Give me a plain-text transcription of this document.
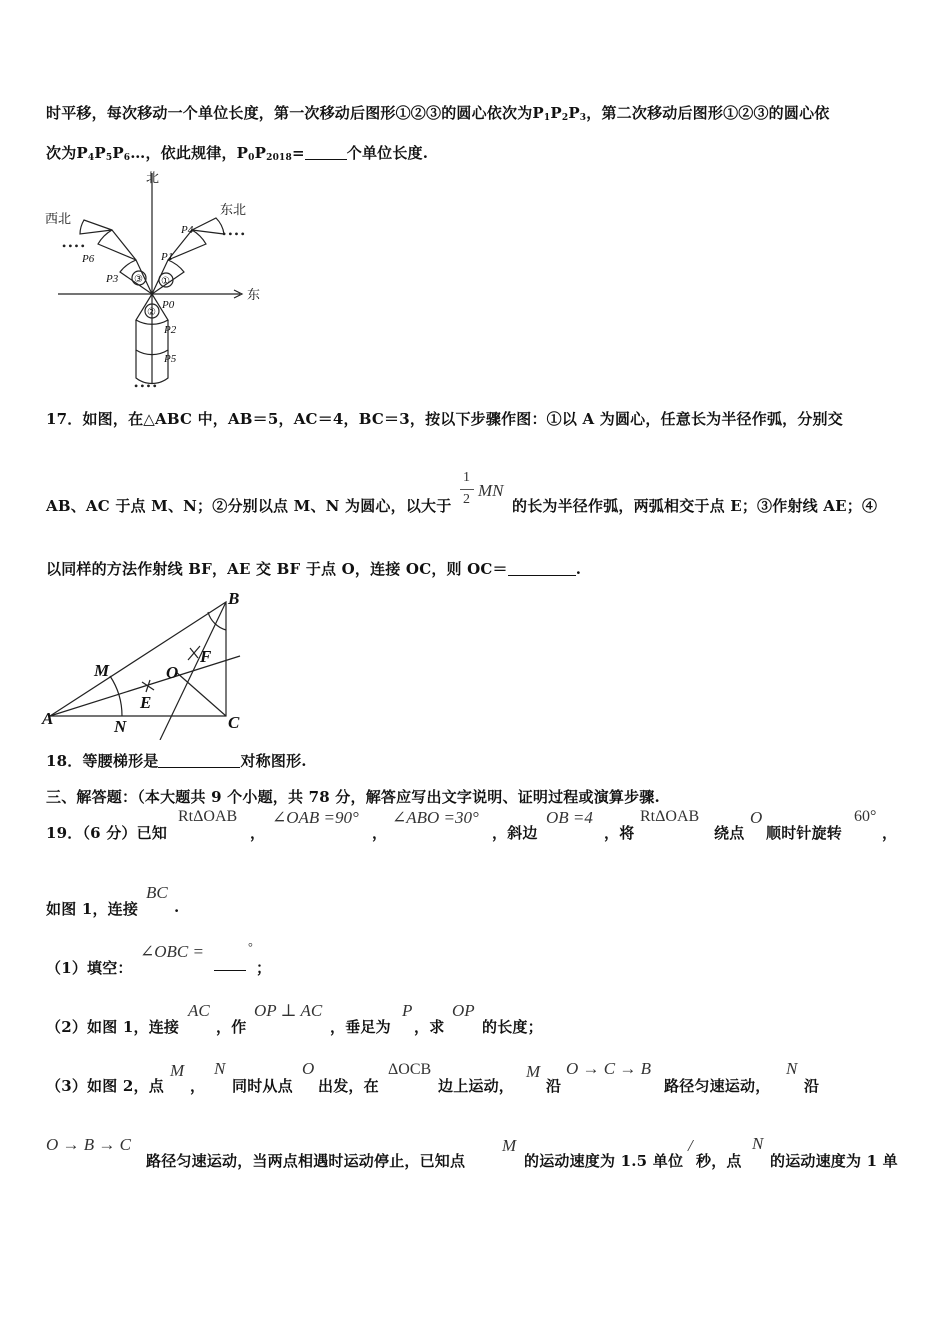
时平移，每次移动一个单位长度，第一次移动后图形①②③的圆心依次为$P_1P_2P_3$，第二次移动后图形①②③的圆心依
次为$P_4P_5P_6\dots$，依此规律，$P_0P_{2018}=$	个单位长度.
••••
••••
••••
北
东
西北
东北
P1
P4
P3
P6
P0
P2
P5
①
③
②
17．如图，在△ABC 中，AB＝5，AC＝4，BC＝3，按以下步骤作图：①以 A 为圆心，任意长为半径作弧，分别交
AB、AC 于点 M、N；②分别以点 M、N 为圆心，以大于
1
2 MN
的长为半径作弧，两弧相交于点 E；③作射线 AE；④
以同样的方法作射线 BF，AE 交 BF 于点 O，连接 OC，则 OC＝	.
A
B
C
M
N
O
E
F
18．等腰梯形是	对称图形.
三、解答题：（本大题共 9 个小题，共 78 分，解答应写出文字说明、证明过程或演算步骤.
19．（6 分）已知
RtΔOAB
，
∠OAB =90°
，
∠ABO =30°
，斜边
OB =4
，将
RtΔOAB
绕点
O
顺时针旋转
60°
，
如图 1，连接
BC
.
（1）填空：
∠OBC =	°
；
（2）如图 1，连接
AC
，作
OP ⊥ AC
，垂足为
P
，求
OP
的长度；
（3）如图 2，点
M
，
N
同时从点
O
出发，在
ΔOCB
边上运动，
M
沿
O → C → B
路径匀速运动，
N
沿
O → B → C
路径匀速运动，当两点相遇时运动停止，已知点
M
的运动速度为 1.5 单位
/
秒，点
N
的运动速度为 1 单
